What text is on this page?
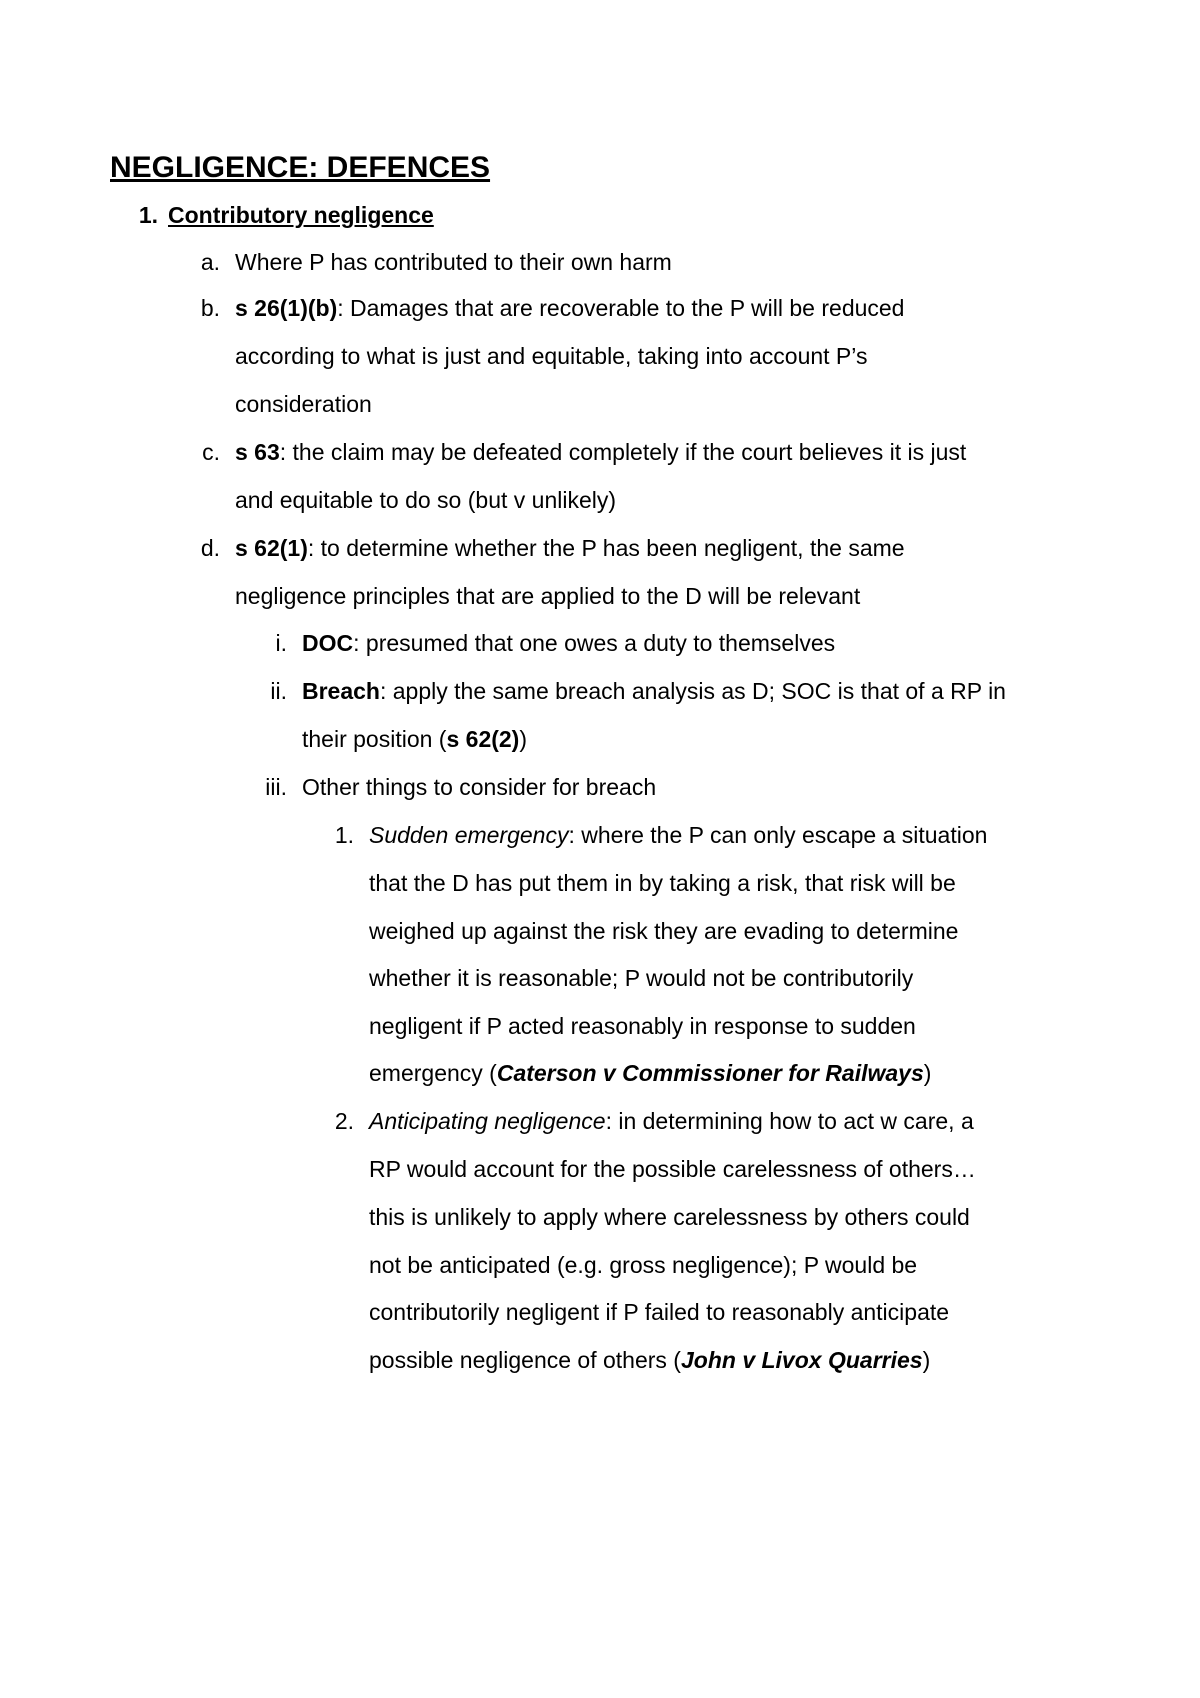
NEGLIGENCE: DEFENCES
1. Contributory negligence
a. Where P has contributed to their own harm
b. s 26(1)(b): Damages that are recoverable to the P will be reduced
according to what is just and equitable, taking into account P’s
consideration
c. s 63: the claim may be defeated completely if the court believes it is just
and equitable to do so (but v unlikely)
d. s 62(1): to determine whether the P has been negligent, the same
negligence principles that are applied to the D will be relevant
i. DOC: presumed that one owes a duty to themselves
ii. Breach: apply the same breach analysis as D; SOC is that of a RP in
their position (s 62(2))
iii. Other things to consider for breach
1. Sudden emergency: where the P can only escape a situation
that the D has put them in by taking a risk, that risk will be
weighed up against the risk they are evading to determine
whether it is reasonable; P would not be contributorily
negligent if P acted reasonably in response to sudden
emergency (Caterson v Commissioner for Railways)
2. Anticipating negligence: in determining how to act w care, a
RP would account for the possible carelessness of others…
this is unlikely to apply where carelessness by others could
not be anticipated (e.g. gross negligence); P would be
contributorily negligent if P failed to reasonably anticipate
possible negligence of others (John v Livox Quarries)
